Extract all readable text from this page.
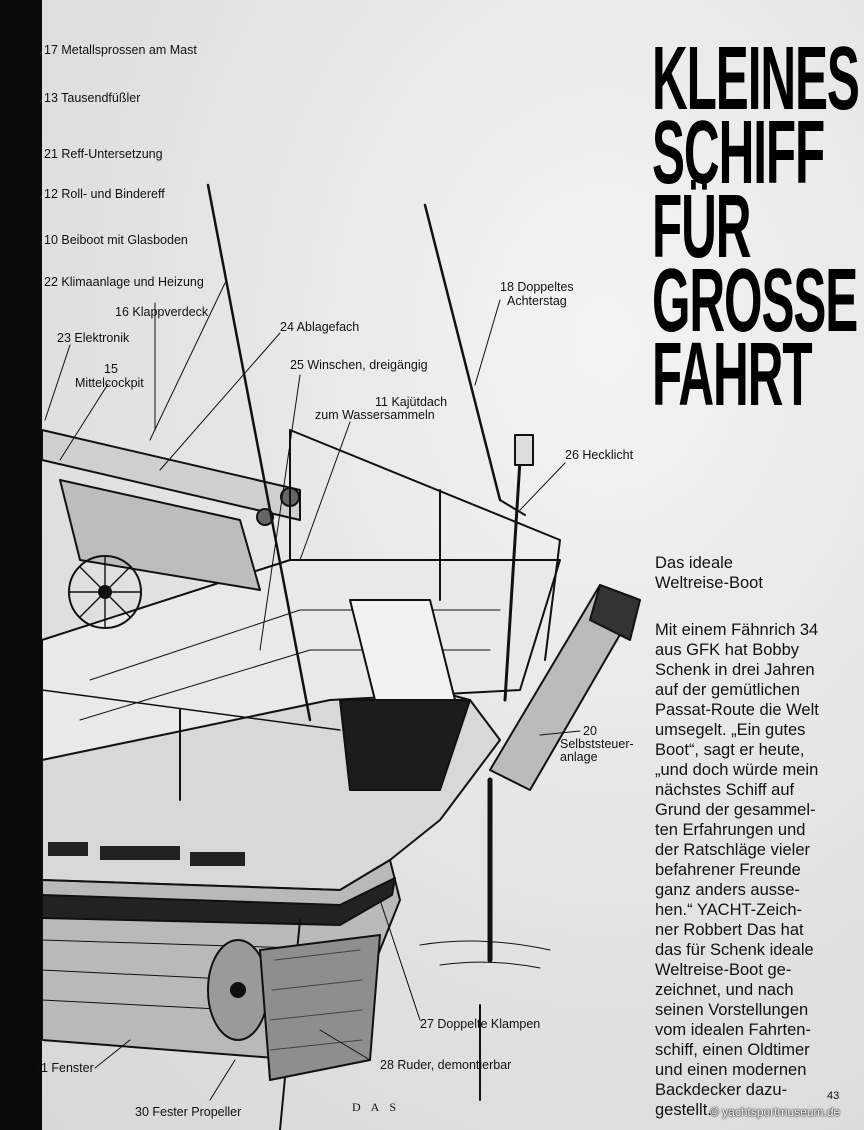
17 Metallsprossen am Mast
13 Tausendfüßler
21 Reff-Untersetzung
12 Roll- und Bindereff
10 Beiboot mit Glasboden
22 Klimaanlage und Heizung
16 Klappverdeck
23 Elektronik
15
Mittelcockpit
24 Ablagefach
25 Winschen, dreigängig
11 Kajütdach
zum Wassersammeln
18 Doppeltes
Achterstag
26 Hecklicht
20
Selbststeuer-
anlage
27 Doppelte Klampen
28 Ruder, demontierbar
31 Fenster
30 Fester Propeller	DAS
KLEINES
SCHIFF
FÜR
GROSSE
FAHRT
Das ideale
Weltreise-Boot
Mit einem Fähnrich 34
aus GFK hat Bobby
Schenk in drei Jahren
auf der gemütlichen
Passat-Route die Welt
umsegelt. „Ein gutes
Boot“, sagt er heute,
„und doch würde mein
nächstes Schiff auf
Grund der gesammel-
ten Erfahrungen und
der Ratschläge vieler
befahrener Freunde
ganz anders ausse-
hen.“ YACHT-Zeich-
ner Robbert Das hat
das für Schenk ideale
Weltreise-Boot ge-
zeichnet, und nach
seinen Vorstellungen
vom idealen Fahrten-
schiff, einen Oldtimer
und einen modernen
Backdecker dazu-
gestellt.
43
© yachtsportmuseum.de
